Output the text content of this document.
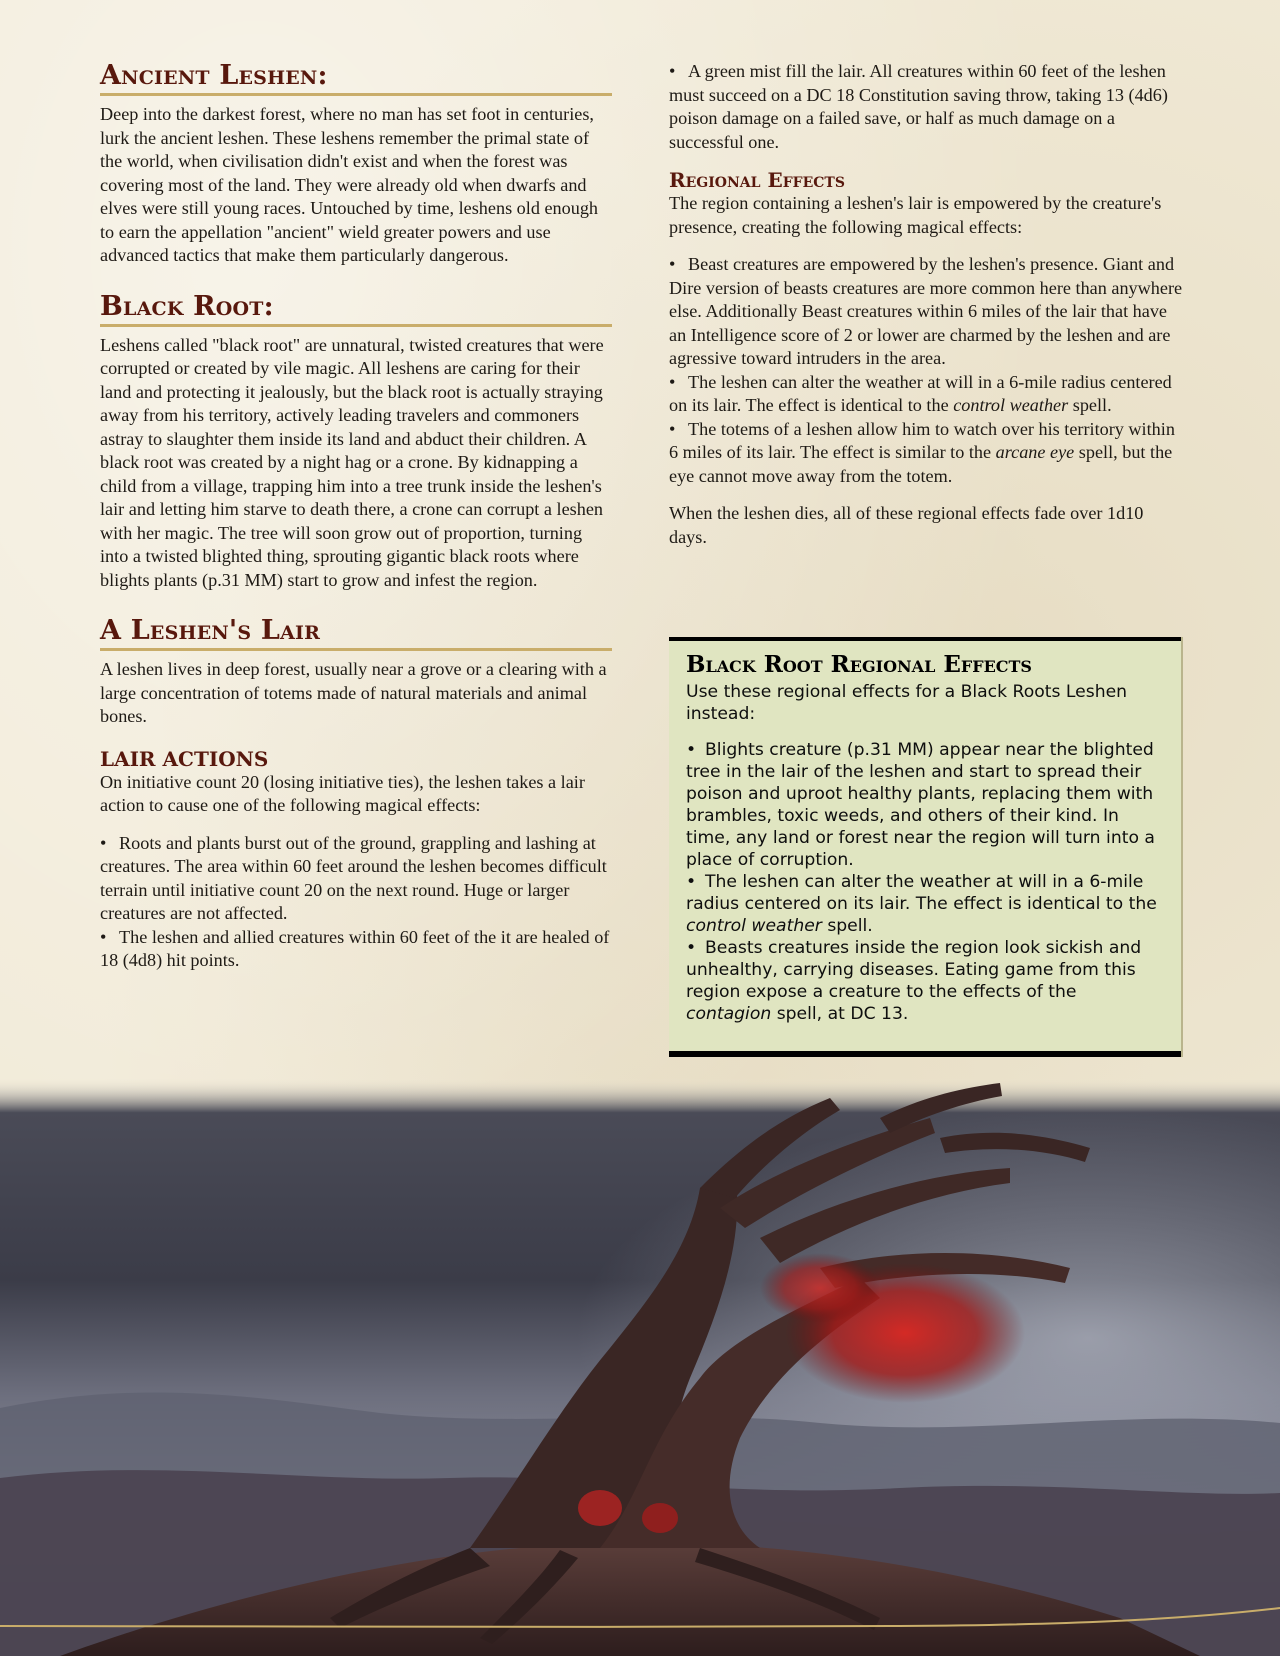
Ancient Leshen:

Deep into the darkest forest, where no man has set foot in centuries, lurk the ancient leshen. These leshens remember the primal state of the world, when civilisation didn't exist and when the forest was covering most of the land. They were already old when dwarfs and elves were still young races. Untouched by time, leshens old enough to earn the appellation "ancient" wield greater powers and use advanced tactics that make them particularly dangerous.

Black Root:

Leshens called "black root" are unnatural, twisted creatures that were corrupted or created by vile magic. All leshens are caring for their land and protecting it jealously, but the black root is actually straying away from his territory, actively leading travelers and commoners astray to slaughter them inside its land and abduct their children. A black root was created by a night hag or a crone. By kidnapping a child from a village, trapping him into a tree trunk inside the leshen's lair and letting him starve to death there, a crone can corrupt a leshen with her magic. The tree will soon grow out of proportion, turning into a twisted blighted thing, sprouting gigantic black roots where blights plants (p.31 MM) start to grow and infest the region.

A Leshen's Lair

A leshen lives in deep forest, usually near a grove or a clearing with a large concentration of totems made of natural materials and animal bones.

LAIR ACTIONS

On initiative count 20 (losing initiative ties), the leshen takes a lair action to cause one of the following magical effects:

• Roots and plants burst out of the ground, grappling and lashing at creatures. The area within 60 feet around the leshen becomes difficult terrain until initiative count 20 on the next round. Huge or larger creatures are not affected.

• The leshen and allied creatures within 60 feet of the it are healed of 18 (4d8) hit points.

• A green mist fill the lair. All creatures within 60 feet of the leshen must succeed on a DC 18 Constitution saving throw, taking 13 (4d6) poison damage on a failed save, or half as much damage on a successful one.

Regional Effects

The region containing a leshen's lair is empowered by the creature's presence, creating the following magical effects:

• Beast creatures are empowered by the leshen's presence. Giant and Dire version of beasts creatures are more common here than anywhere else. Additionally Beast creatures within 6 miles of the lair that have an Intelligence score of 2 or lower are charmed by the leshen and are agressive toward intruders in the area.

• The leshen can alter the weather at will in a 6-mile radius centered on its lair. The effect is identical to the control weather spell.

• The totems of a leshen allow him to watch over his territory within 6 miles of its lair. The effect is similar to the arcane eye spell, but the eye cannot move away from the totem.

When the leshen dies, all of these regional effects fade over 1d10 days.

Black Root Regional Effects

Use these regional effects for a Black Roots Leshen instead:

• Blights creature (p.31 MM) appear near the blighted tree in the lair of the leshen and start to spread their poison and uproot healthy plants, replacing them with brambles, toxic weeds, and others of their kind. In time, any land or forest near the region will turn into a place of corruption.

• The leshen can alter the weather at will in a 6-mile radius centered on its lair. The effect is identical to the control weather spell.

• Beasts creatures inside the region look sickish and unhealthy, carrying diseases. Eating game from this region expose a creature to the effects of the contagion spell, at DC 13.
